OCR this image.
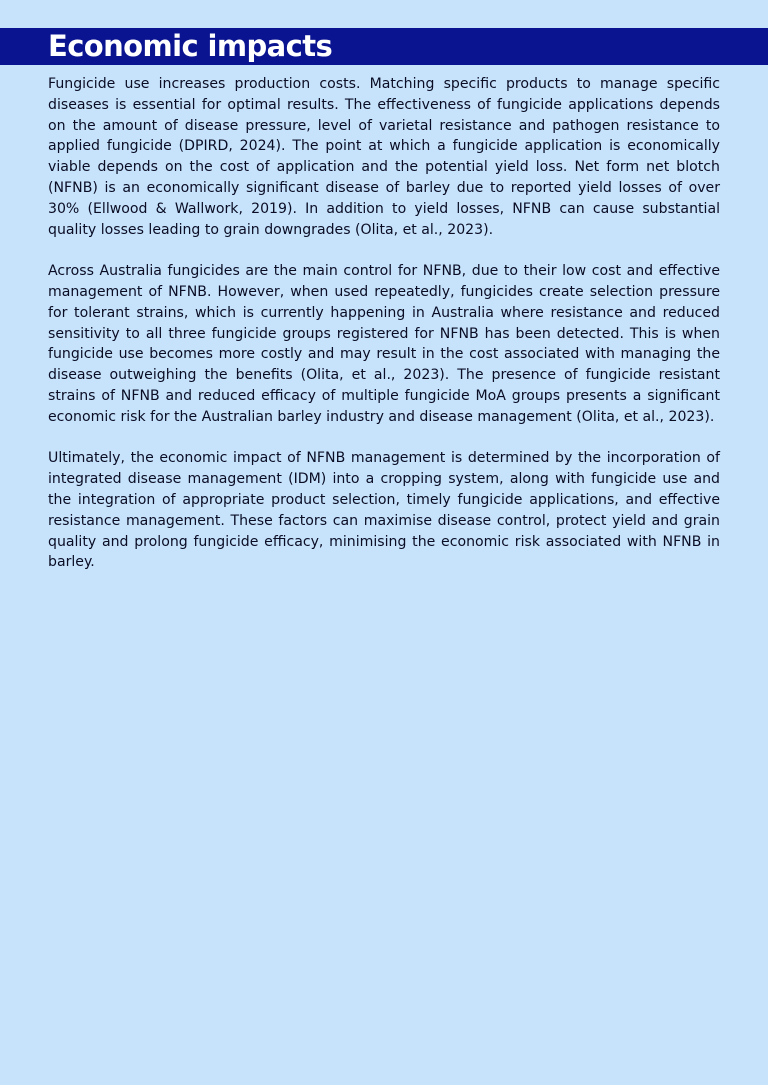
Economic impacts

Fungicide use increases production costs. Matching specific products to manage specific diseases is essential for optimal results. The effectiveness of fungicide applications depends on the amount of disease pressure, level of varietal resistance and pathogen resistance to applied fungicide (DPIRD, 2024). The point at which a fungicide application is economically viable depends on the cost of application and the potential yield loss. Net form net blotch (NFNB) is an economically significant disease of barley due to reported yield losses of over 30% (Ellwood & Wallwork, 2019). In addition to yield losses, NFNB can cause substantial quality losses leading to grain downgrades (Olita, et al., 2023).

Across Australia fungicides are the main control for NFNB, due to their low cost and effective management of NFNB. However, when used repeatedly, fungicides create selection pressure for tolerant strains, which is currently happening in Australia where resistance and reduced sensitivity to all three fungicide groups registered for NFNB has been detected. This is when fungicide use becomes more costly and may result in the cost associated with managing the disease outweighing the benefits (Olita, et al., 2023). The presence of fungicide resistant strains of NFNB and reduced efficacy of multiple fungicide MoA groups presents a significant economic risk for the Australian barley industry and disease management (Olita, et al., 2023).

Ultimately, the economic impact of NFNB management is determined by the incorporation of integrated disease management (IDM) into a cropping system, along with fungicide use and the integration of appropriate product selection, timely fungicide applications, and effective resistance management. These factors can maximise disease control, protect yield and grain quality and prolong fungicide efficacy, minimising the economic risk associated with NFNB in barley.
